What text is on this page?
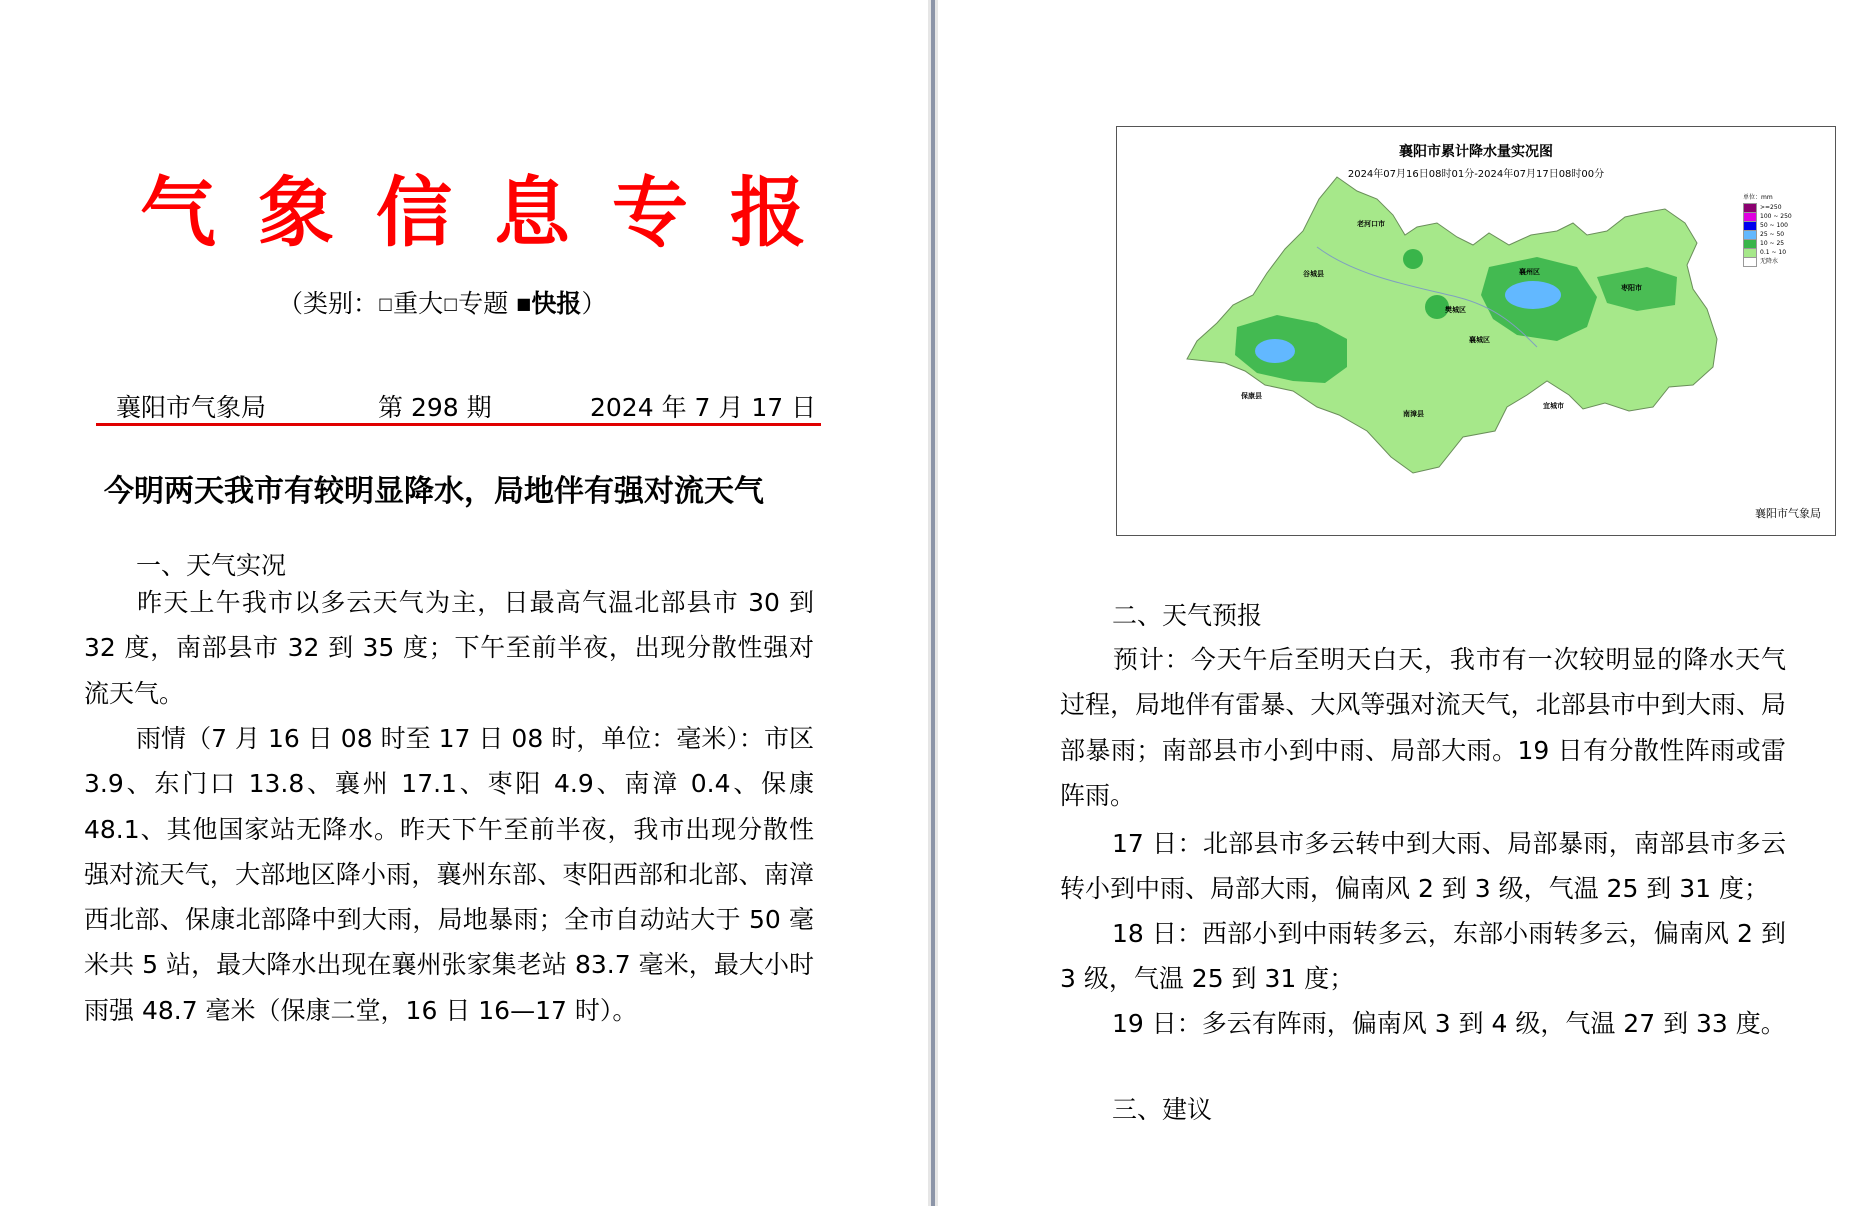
气象信息专报
（类别：□重大□专题 ■快报）
襄阳市气象局	第 298 期	2024 年 7 月 17 日
今明两天我市有较明显降水，局地伴有强对流天气
一、天气实况
昨天上午我市以多云天气为主，日最高气温北部县市 30 到 32 度，南部县市 32 到 35 度；下午至前半夜，出现分散性强对流天气。
雨情（7 月 16 日 08 时至 17 日 08 时，单位：毫米）：市区 3.9、东门口 13.8、襄州 17.1、枣阳 4.9、南漳 0.4、保康 48.1、其他国家站无降水。昨天下午至前半夜，我市出现分散性强对流天气，大部地区降小雨，襄州东部、枣阳西部和北部、南漳西北部、保康北部降中到大雨，局地暴雨；全市自动站大于 50 毫米共 5 站，最大降水出现在襄州张家集老站 83.7 毫米，最大小时雨强 48.7 毫米（保康二堂，16 日 16—17 时）。
襄阳市累计降水量实况图
2024年07月16日08时01分-2024年07月17日08时00分
老河口市
谷城县	襄州区
枣阳市
樊城区
襄城区
保康县
南漳县
宜城市
单位：mm
>=250
100 ~ 250
50 ~ 100
25 ~ 50
10 ~ 25
0.1 ~ 10
无降水
襄阳市气象局
二、天气预报
预计：今天午后至明天白天，我市有一次较明显的降水天气过程，局地伴有雷暴、大风等强对流天气，北部县市中到大雨、局部暴雨；南部县市小到中雨、局部大雨。19 日有分散性阵雨或雷阵雨。
17 日：北部县市多云转中到大雨、局部暴雨，南部县市多云转小到中雨、局部大雨，偏南风 2 到 3 级，气温 25 到 31 度；
18 日：西部小到中雨转多云，东部小雨转多云，偏南风 2 到 3 级，气温 25 到 31 度；
19 日：多云有阵雨，偏南风 3 到 4 级，气温 27 到 33 度。
三、建议
